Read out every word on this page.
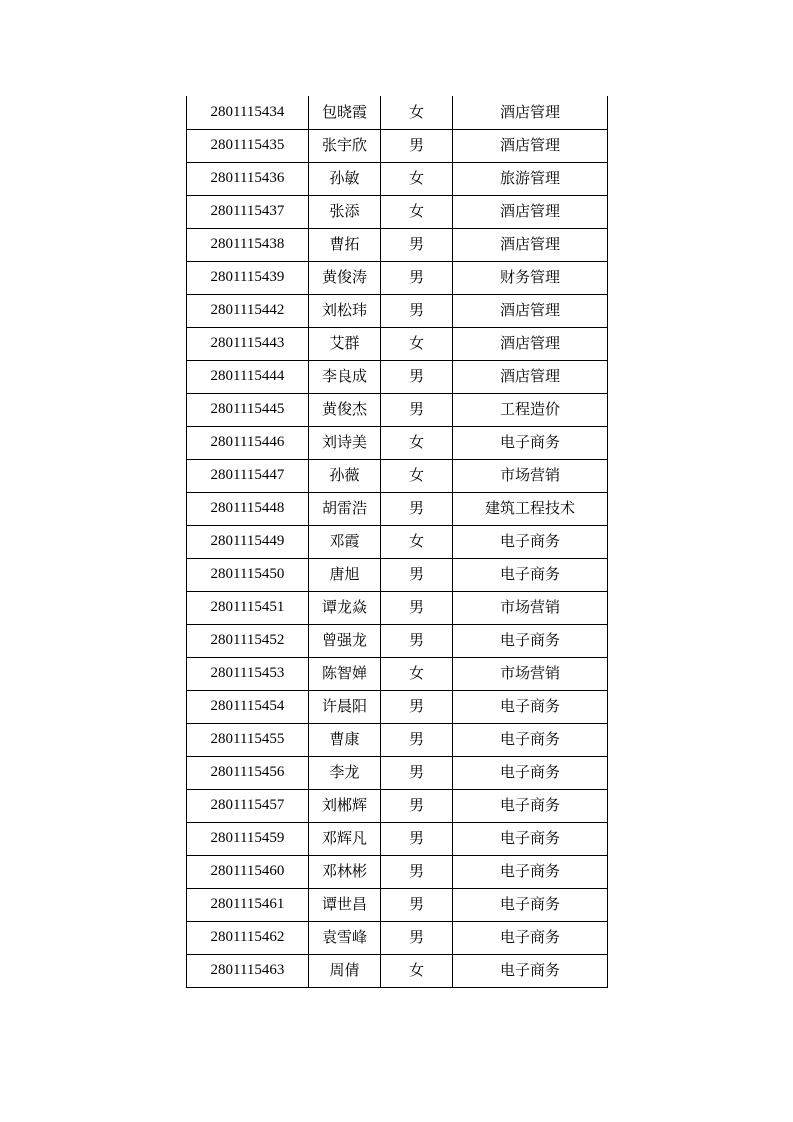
2801115434	包晓霞	女	酒店管理
2801115435	张宇欣	男	酒店管理
2801115436	孙敏	女	旅游管理
2801115437	张添	女	酒店管理
2801115438	曹拓	男	酒店管理
2801115439	黄俊涛	男	财务管理
2801115442	刘松玮	男	酒店管理
2801115443	艾群	女	酒店管理
2801115444	李良成	男	酒店管理
2801115445	黄俊杰	男	工程造价
2801115446	刘诗美	女	电子商务
2801115447	孙薇	女	市场营销
2801115448	胡雷浩	男	建筑工程技术
2801115449	邓霞	女	电子商务
2801115450	唐旭	男	电子商务
2801115451	谭龙焱	男	市场营销
2801115452	曾强龙	男	电子商务
2801115453	陈智婵	女	市场营销
2801115454	许晨阳	男	电子商务
2801115455	曹康	男	电子商务
2801115456	李龙	男	电子商务
2801115457	刘郴辉	男	电子商务
2801115459	邓辉凡	男	电子商务
2801115460	邓林彬	男	电子商务
2801115461	谭世昌	男	电子商务
2801115462	袁雪峰	男	电子商务
2801115463	周倩	女	电子商务
